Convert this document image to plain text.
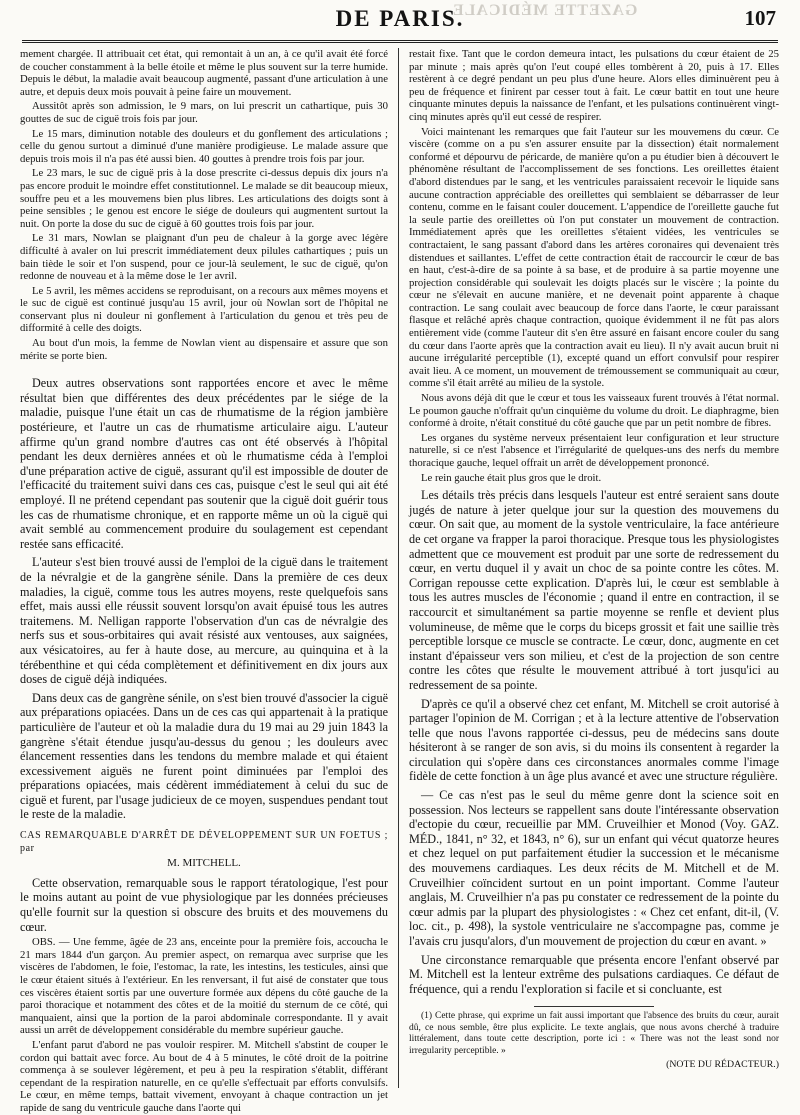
GAZETTE MÉDICALE
DE PARIS.	107

mement chargée. Il attribuait cet état, qui remontait à un an, à ce qu'il avait été forcé de coucher constamment à la belle étoile et même le plus souvent sur la terre humide. Depuis le début, la maladie avait beaucoup augmenté, passant d'une articulation à une autre, et depuis deux mois pouvait à peine faire un mouvement.

Aussitôt après son admission, le 9 mars, on lui prescrit un cathartique, puis 30 gouttes de suc de ciguë trois fois par jour.

Le 15 mars, diminution notable des douleurs et du gonflement des articulations ; celle du genou surtout a diminué d'une manière prodigieuse. Le malade assure que depuis trois mois il n'a pas été aussi bien. 40 gouttes à prendre trois fois par jour.

Le 23 mars, le suc de ciguë pris à la dose prescrite ci-dessus depuis dix jours n'a pas encore produit le moindre effet constitutionnel. Le malade se dit beaucoup mieux, souffre peu et a les mouvemens bien plus libres. Les articulations des doigts sont à peine sensibles ; le genou est encore le siége de douleurs qui augmentent surtout la nuit. On porte la dose du suc de ciguë à 60 gouttes trois fois par jour.

Le 31 mars, Nowlan se plaignant d'un peu de chaleur à la gorge avec légère difficulté à avaler on lui prescrit immédiatement deux pilules cathartiques ; puis un bain tiède le soir et l'on suspend, pour ce jour-là seulement, le suc de ciguë, qu'on redonne de nouveau et à la même dose le 1er avril.

Le 5 avril, les mêmes accidens se reproduisant, on a recours aux mêmes moyens et le suc de ciguë est continué jusqu'au 15 avril, jour où Nowlan sort de l'hôpital ne conservant plus ni douleur ni gonflement à l'articulation du genou et très peu de difformité à celle des doigts.

Au bout d'un mois, la femme de Nowlan vient au dispensaire et assure que son mérite se porte bien.

Deux autres observations sont rapportées encore et avec le même résultat bien que différentes des deux précédentes par le siége de la maladie, puisque l'une était un cas de rhumatisme de la région jambière postérieure, et l'autre un cas de rhumatisme articulaire aigu. L'auteur affirme qu'un grand nombre d'autres cas ont été observés à l'hôpital pendant les deux dernières années et où le rhumatisme céda à l'emploi d'une préparation active de ciguë, assurant qu'il est impossible de douter de l'efficacité du traitement suivi dans ces cas, puisque c'est le seul qui ait été employé. Il ne prétend cependant pas soutenir que la ciguë doit guérir tous les cas de rhumatisme chronique, et en rapporte même un où la ciguë qui avait semblé au commencement produire du soulagement est cependant restée sans efficacité.

L'auteur s'est bien trouvé aussi de l'emploi de la ciguë dans le traitement de la névralgie et de la gangrène sénile. Dans la première de ces deux maladies, la ciguë, comme tous les autres moyens, reste quelquefois sans effet, mais aussi elle réussit souvent lorsqu'on avait épuisé tous les autres traitemens. M. Nelligan rapporte l'observation d'un cas de névralgie des nerfs sus et sous-orbitaires qui avait résisté aux ventouses, aux saignées, aux vésicatoires, au fer à haute dose, au mercure, au quinquina et à la térébenthine et qui céda complètement et définitivement en dix jours aux doses de ciguë déjà indiquées.

Dans deux cas de gangrène sénile, on s'est bien trouvé d'associer la ciguë aux préparations opiacées. Dans un de ces cas qui appartenait à la pratique particulière de l'auteur et où la maladie dura du 19 mai au 29 juin 1843 la gangrène s'était étendue jusqu'au-dessus du genou ; les douleurs avec élancement ressenties dans les tendons du membre malade et qui étaient excessivement aiguës ne furent point diminuées par l'emploi des préparations opiacées, mais cédèrent immédiatement à celui du suc de ciguë et furent, par l'usage judicieux de ce moyen, suspendues pendant tout le reste de la maladie.

CAS REMARQUABLE D'ARRÊT DE DÉVELOPPEMENT SUR UN FOETUS ; par

M. MITCHELL.

Cette observation, remarquable sous le rapport tératologique, l'est pour le moins autant au point de vue physiologique par les données précieuses qu'elle fournit sur la question si obscure des bruits et des mouvemens du cœur.

OBS. — Une femme, âgée de 23 ans, enceinte pour la première fois, accoucha le 21 mars 1844 d'un garçon. Au premier aspect, on remarqua avec surprise que les viscères de l'abdomen, le foie, l'estomac, la rate, les intestins, les testicules, ainsi que le cœur étaient situés à l'extérieur. En les renversant, il fut aisé de constater que tous ces viscères étaient sortis par une ouverture formée aux dépens du côté gauche de la paroi thoracique et notamment des côtes et de la moitié du sternum de ce côté, qui manquaient, ainsi que la portion de la paroi abdominale correspondante. Il y avait aussi un arrêt de développement considérable du membre supérieur gauche.

L'enfant parut d'abord ne pas vouloir respirer. M. Mitchell s'abstint de couper le cordon qui battait avec force. Au bout de 4 à 5 minutes, le côté droit de la poitrine commença à se soulever légèrement, et peu à peu la respiration s'établit, différant cependant de la respiration naturelle, en ce qu'elle s'effectuait par efforts convulsifs. Le cœur, en même temps, battait vivement, envoyant à chaque contraction un jet rapide de sang du ventricule gauche dans l'aorte qui

restait fixe. Tant que le cordon demeura intact, les pulsations du cœur étaient de 25 par minute ; mais après qu'on l'eut coupé elles tombèrent à 20, puis à 17. Elles restèrent à ce degré pendant un peu plus d'une heure. Alors elles diminuèrent peu à peu de fréquence et finirent par cesser tout à fait. Le cœur battit en tout une heure cinquante minutes depuis la naissance de l'enfant, et les pulsations continuèrent vingt-cinq minutes après qu'il eut cessé de respirer.

Voici maintenant les remarques que fait l'auteur sur les mouvemens du cœur. Ce viscère (comme on a pu s'en assurer ensuite par la dissection) était normalement conformé et dépourvu de péricarde, de manière qu'on a pu étudier bien à découvert le phénomène résultant de l'accomplissement de ses fonctions. Les oreillettes étaient d'abord distendues par le sang, et les ventricules paraissaient recevoir le liquide sans aucune contraction appréciable des oreillettes qui semblaient se débarrasser de leur contenu, comme en le faisant couler doucement. L'appendice de l'oreillette gauche fut la seule partie des oreillettes où l'on put constater un mouvement de contraction. Immédiatement après que les oreillettes s'étaient vidées, les ventricules se contractaient, le sang passant d'abord dans les artères coronaires qui devenaient très distendues et saillantes. L'effet de cette contraction était de raccourcir le cœur de bas en haut, c'est-à-dire de sa pointe à sa base, et de produire à sa partie moyenne une projection considérable qui soulevait les doigts placés sur le viscère ; la pointe du cœur ne s'élevait en aucune manière, et ne devenait point apparente à chaque contraction. Le sang coulait avec beaucoup de force dans l'aorte, le cœur paraissant flasque et relâché après chaque contraction, quoique évidemment il ne fût pas alors entièrement vide (comme l'auteur dit s'en être assuré en faisant encore couler du sang du cœur dans l'aorte après que la contraction avait eu lieu). Il n'y avait aucun bruit ni aucune irrégularité perceptible (1), excepté quand un effort convulsif pour respirer avait lieu. A ce moment, un mouvement de trémoussement se communiquait au cœur, comme s'il était arrêté au milieu de la systole.

Nous avons déjà dit que le cœur et tous les vaisseaux furent trouvés à l'état normal. Le poumon gauche n'offrait qu'un cinquième du volume du droit. Le diaphragme, bien conformé à droite, n'était constitué du côté gauche que par un petit nombre de fibres.

Les organes du système nerveux présentaient leur configuration et leur structure naturelle, si ce n'est l'absence et l'irrégularité de quelques-uns des nerfs du membre thoracique gauche, lequel offrait un arrêt de développement prononcé.

Le rein gauche était plus gros que le droit.

Les détails très précis dans lesquels l'auteur est entré seraient sans doute jugés de nature à jeter quelque jour sur la question des mouvemens du cœur. On sait que, au moment de la systole ventriculaire, la face antérieure de cet organe va frapper la paroi thoracique. Presque tous les physiologistes admettent que ce mouvement est produit par une sorte de redressement du cœur, en vertu duquel il y avait un choc de sa pointe contre les côtes. M. Corrigan repousse cette explication. D'après lui, le cœur est semblable à tous les autres muscles de l'économie ; quand il entre en contraction, il se raccourcit et simultanément sa partie moyenne se renfle et devient plus volumineuse, de même que le corps du biceps grossit et fait une saillie très perceptible lorsque ce muscle se contracte. Le cœur, donc, augmente en cet instant d'épaisseur vers son milieu, et c'est de la projection de son centre contre les côtes que résulte le mouvement attribué à tort jusqu'ici au redressement de sa pointe.

D'après ce qu'il a observé chez cet enfant, M. Mitchell se croit autorisé à partager l'opinion de M. Corrigan ; et à la lecture attentive de l'observation telle que nous l'avons rapportée ci-dessus, peu de médecins sans doute hésiteront à se ranger de son avis, si du moins ils consentent à regarder la circulation qui s'opère dans ces circonstances anormales comme l'image fidèle de cette fonction à un âge plus avancé et avec une structure régulière.

— Ce cas n'est pas le seul du même genre dont la science soit en possession. Nos lecteurs se rappellent sans doute l'intéressante observation d'ectopie du cœur, recueillie par MM. Cruveilhier et Monod (Voy. GAZ. MÉD., 1841, n° 32, et 1843, n° 6), sur un enfant qui vécut quatorze heures et chez lequel on put parfaitement étudier la succession et le mécanisme des mouvemens cardiaques. Les deux récits de M. Mitchell et de M. Cruveilhier coïncident surtout en un point important. Comme l'auteur anglais, M. Cruveilhier n'a pas pu constater ce redressement de la pointe du cœur admis par la plupart des physiologistes : « Chez cet enfant, dit-il, (V. loc. cit., p. 498), la systole ventriculaire ne s'accompagne pas, comme je l'avais cru jusqu'alors, d'un mouvement de projection du cœur en avant. »

Une circonstance remarquable que présenta encore l'enfant observé par M. Mitchell est la lenteur extrême des pulsations cardiaques. Ce défaut de fréquence, qui a rendu l'exploration si facile et si concluante, est

(1) Cette phrase, qui exprime un fait aussi important que l'absence des bruits du cœur, aurait dû, ce nous semble, être plus explicite. Le texte anglais, que nous avons cherché à traduire littéralement, dans toute cette description, porte ici : « There was not the least sond nor irregularity perceptible. »

(NOTE DU RÉDACTEUR.)
